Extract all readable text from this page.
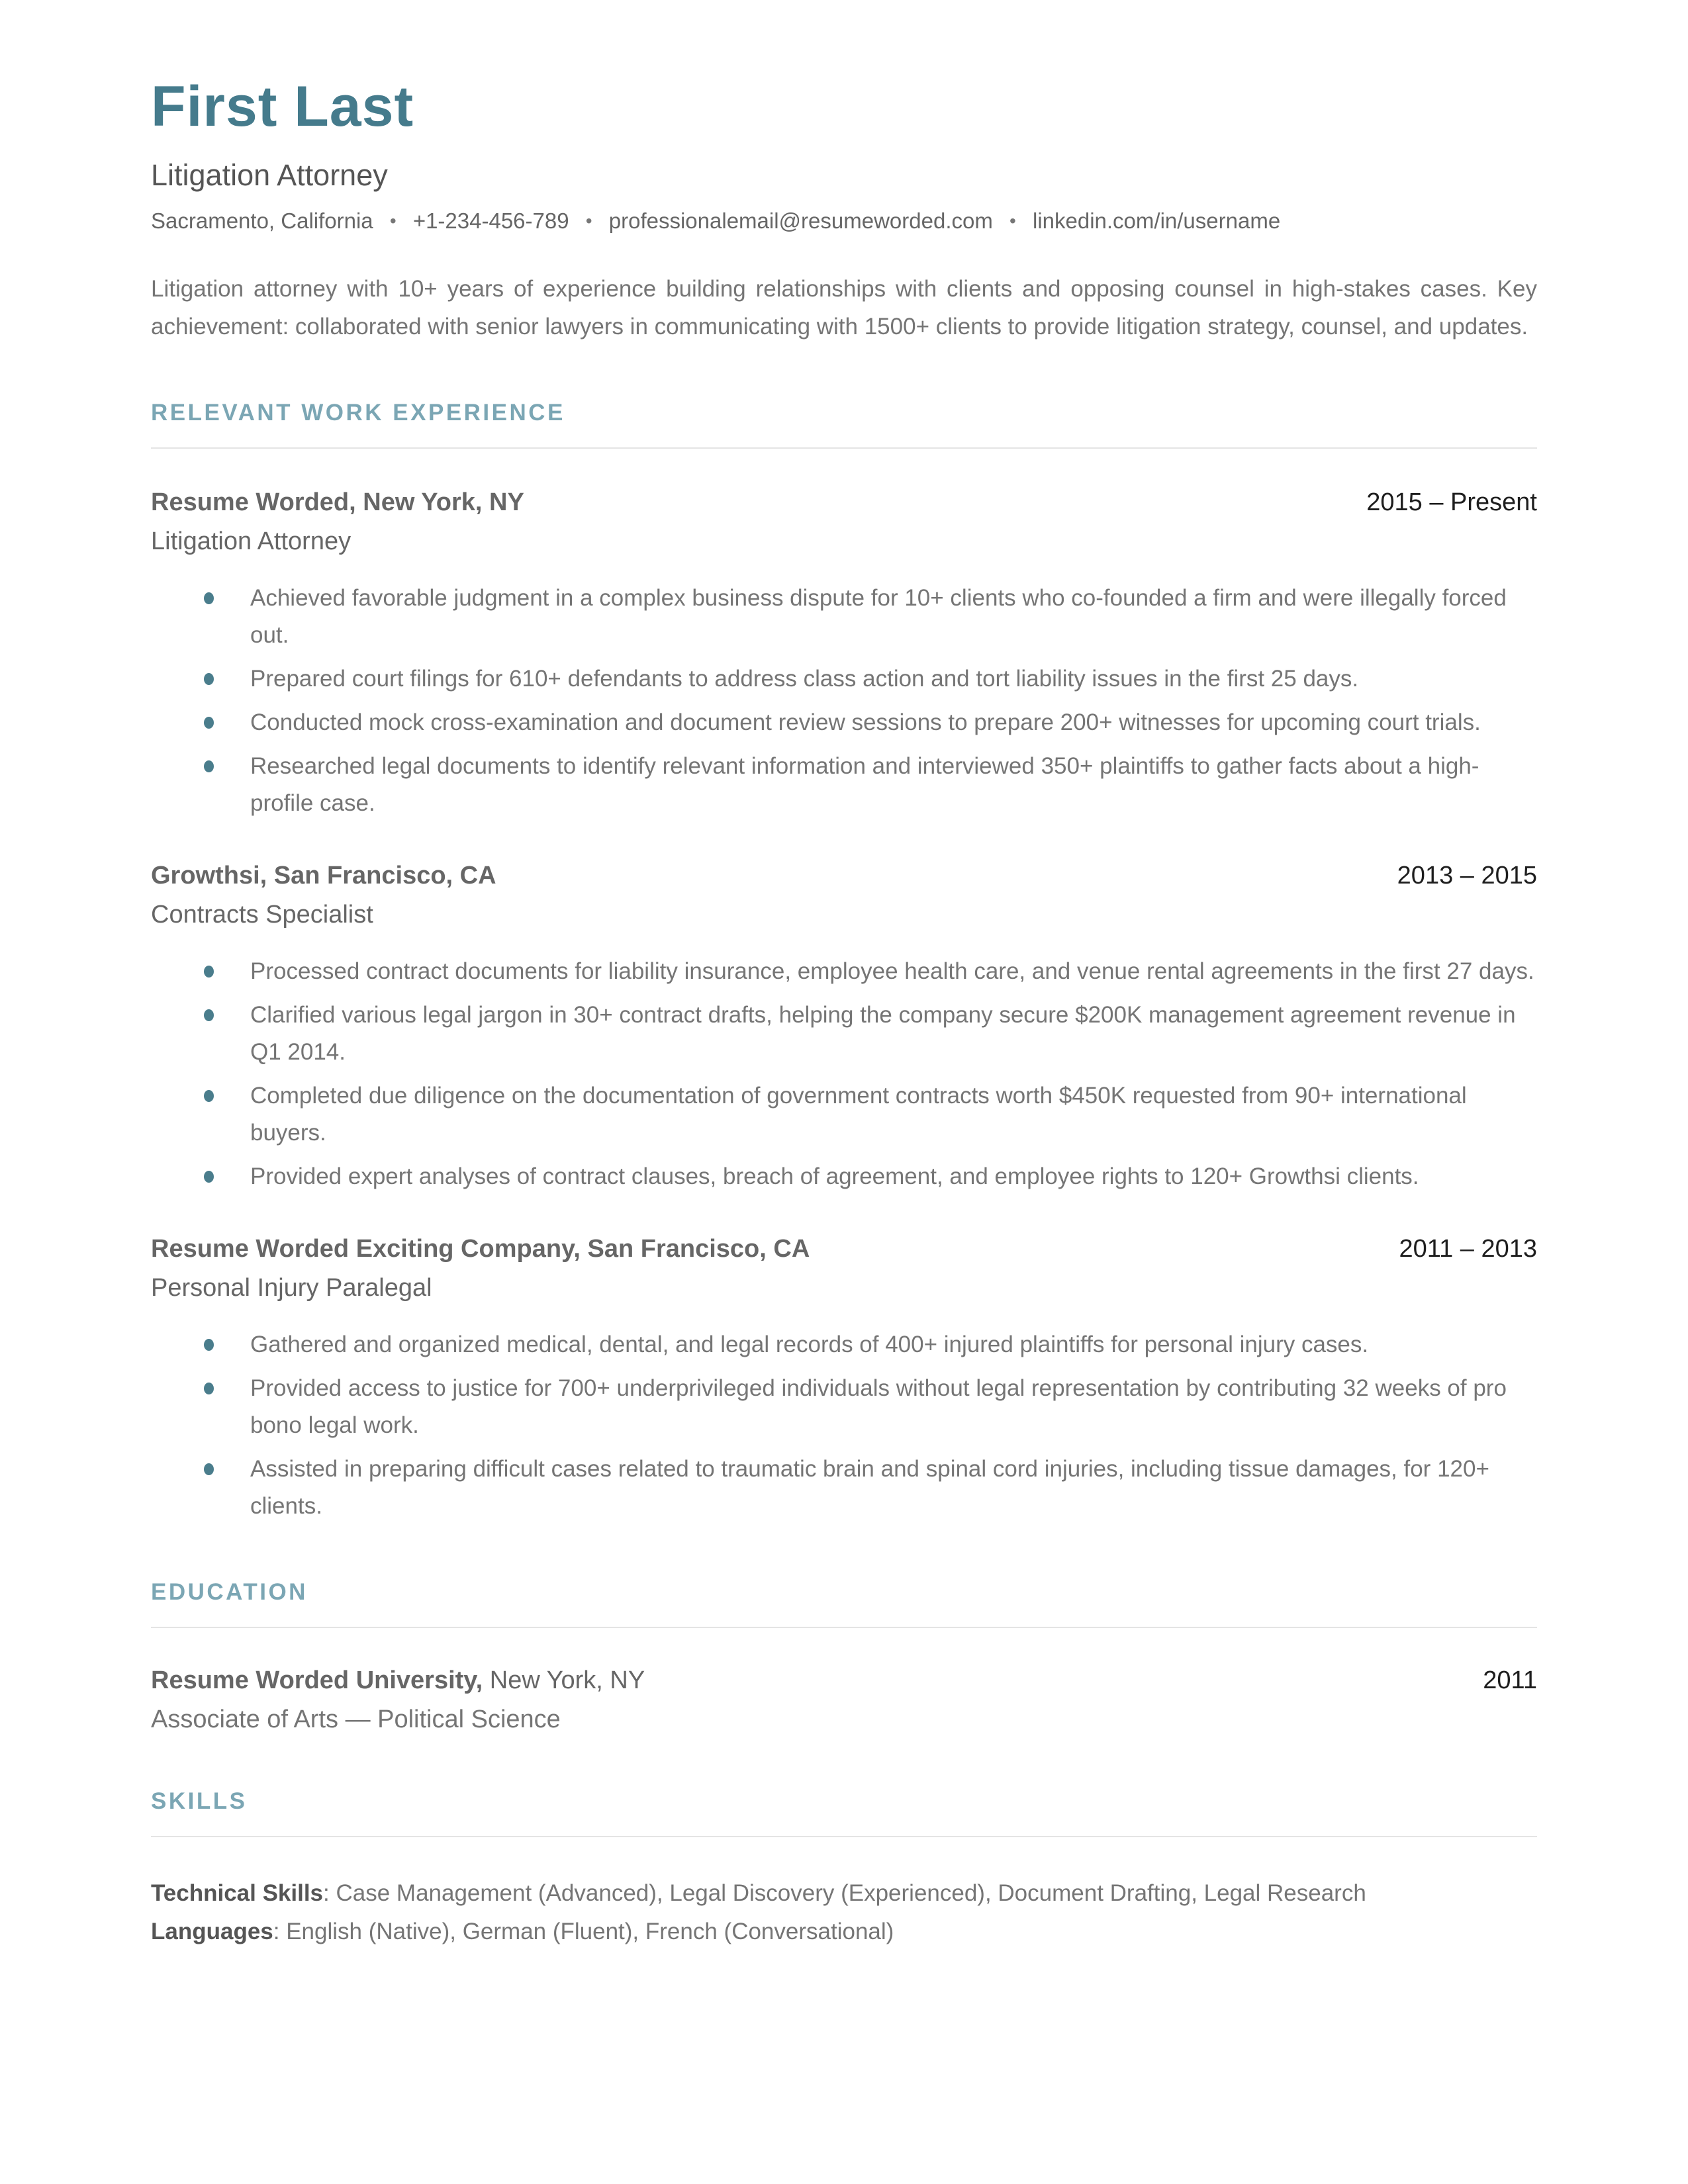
First Last
Litigation Attorney
Sacramento, California • +1-234-456-789 • professionalemail@resumeworded.com • linkedin.com/in/username

Litigation attorney with 10+ years of experience building relationships with clients and opposing counsel in high-stakes cases. Key achievement: collaborated with senior lawyers in communicating with 1500+ clients to provide litigation strategy, counsel, and updates.

RELEVANT WORK EXPERIENCE
Resume Worded, New York, NY	2015 – Present
Litigation Attorney
Achieved favorable judgment in a complex business dispute for 10+ clients who co-founded a firm and were illegally forced out.
Prepared court filings for 610+ defendants to address class action and tort liability issues in the first 25 days.
Conducted mock cross-examination and document review sessions to prepare 200+ witnesses for upcoming court trials.
Researched legal documents to identify relevant information and interviewed 350+ plaintiffs to gather facts about a high-profile case.
Growthsi, San Francisco, CA	2013 – 2015
Contracts Specialist
Processed contract documents for liability insurance, employee health care, and venue rental agreements in the first 27 days.
Clarified various legal jargon in 30+ contract drafts, helping the company secure $200K management agreement revenue in Q1 2014.
Completed due diligence on the documentation of government contracts worth $450K requested from 90+ international buyers.
Provided expert analyses of contract clauses, breach of agreement, and employee rights to 120+ Growthsi clients.
Resume Worded Exciting Company, San Francisco, CA	2011 – 2013
Personal Injury Paralegal
Gathered and organized medical, dental, and legal records of 400+ injured plaintiffs for personal injury cases.
Provided access to justice for 700+ underprivileged individuals without legal representation by contributing 32 weeks of pro bono legal work.
Assisted in preparing difficult cases related to traumatic brain and spinal cord injuries, including tissue damages, for 120+ clients.
EDUCATION
Resume Worded University, New York, NY	2011
Associate of Arts — Political Science
SKILLS
Technical Skills: Case Management (Advanced), Legal Discovery (Experienced), Document Drafting, Legal Research
Languages: English (Native), German (Fluent), French (Conversational)
